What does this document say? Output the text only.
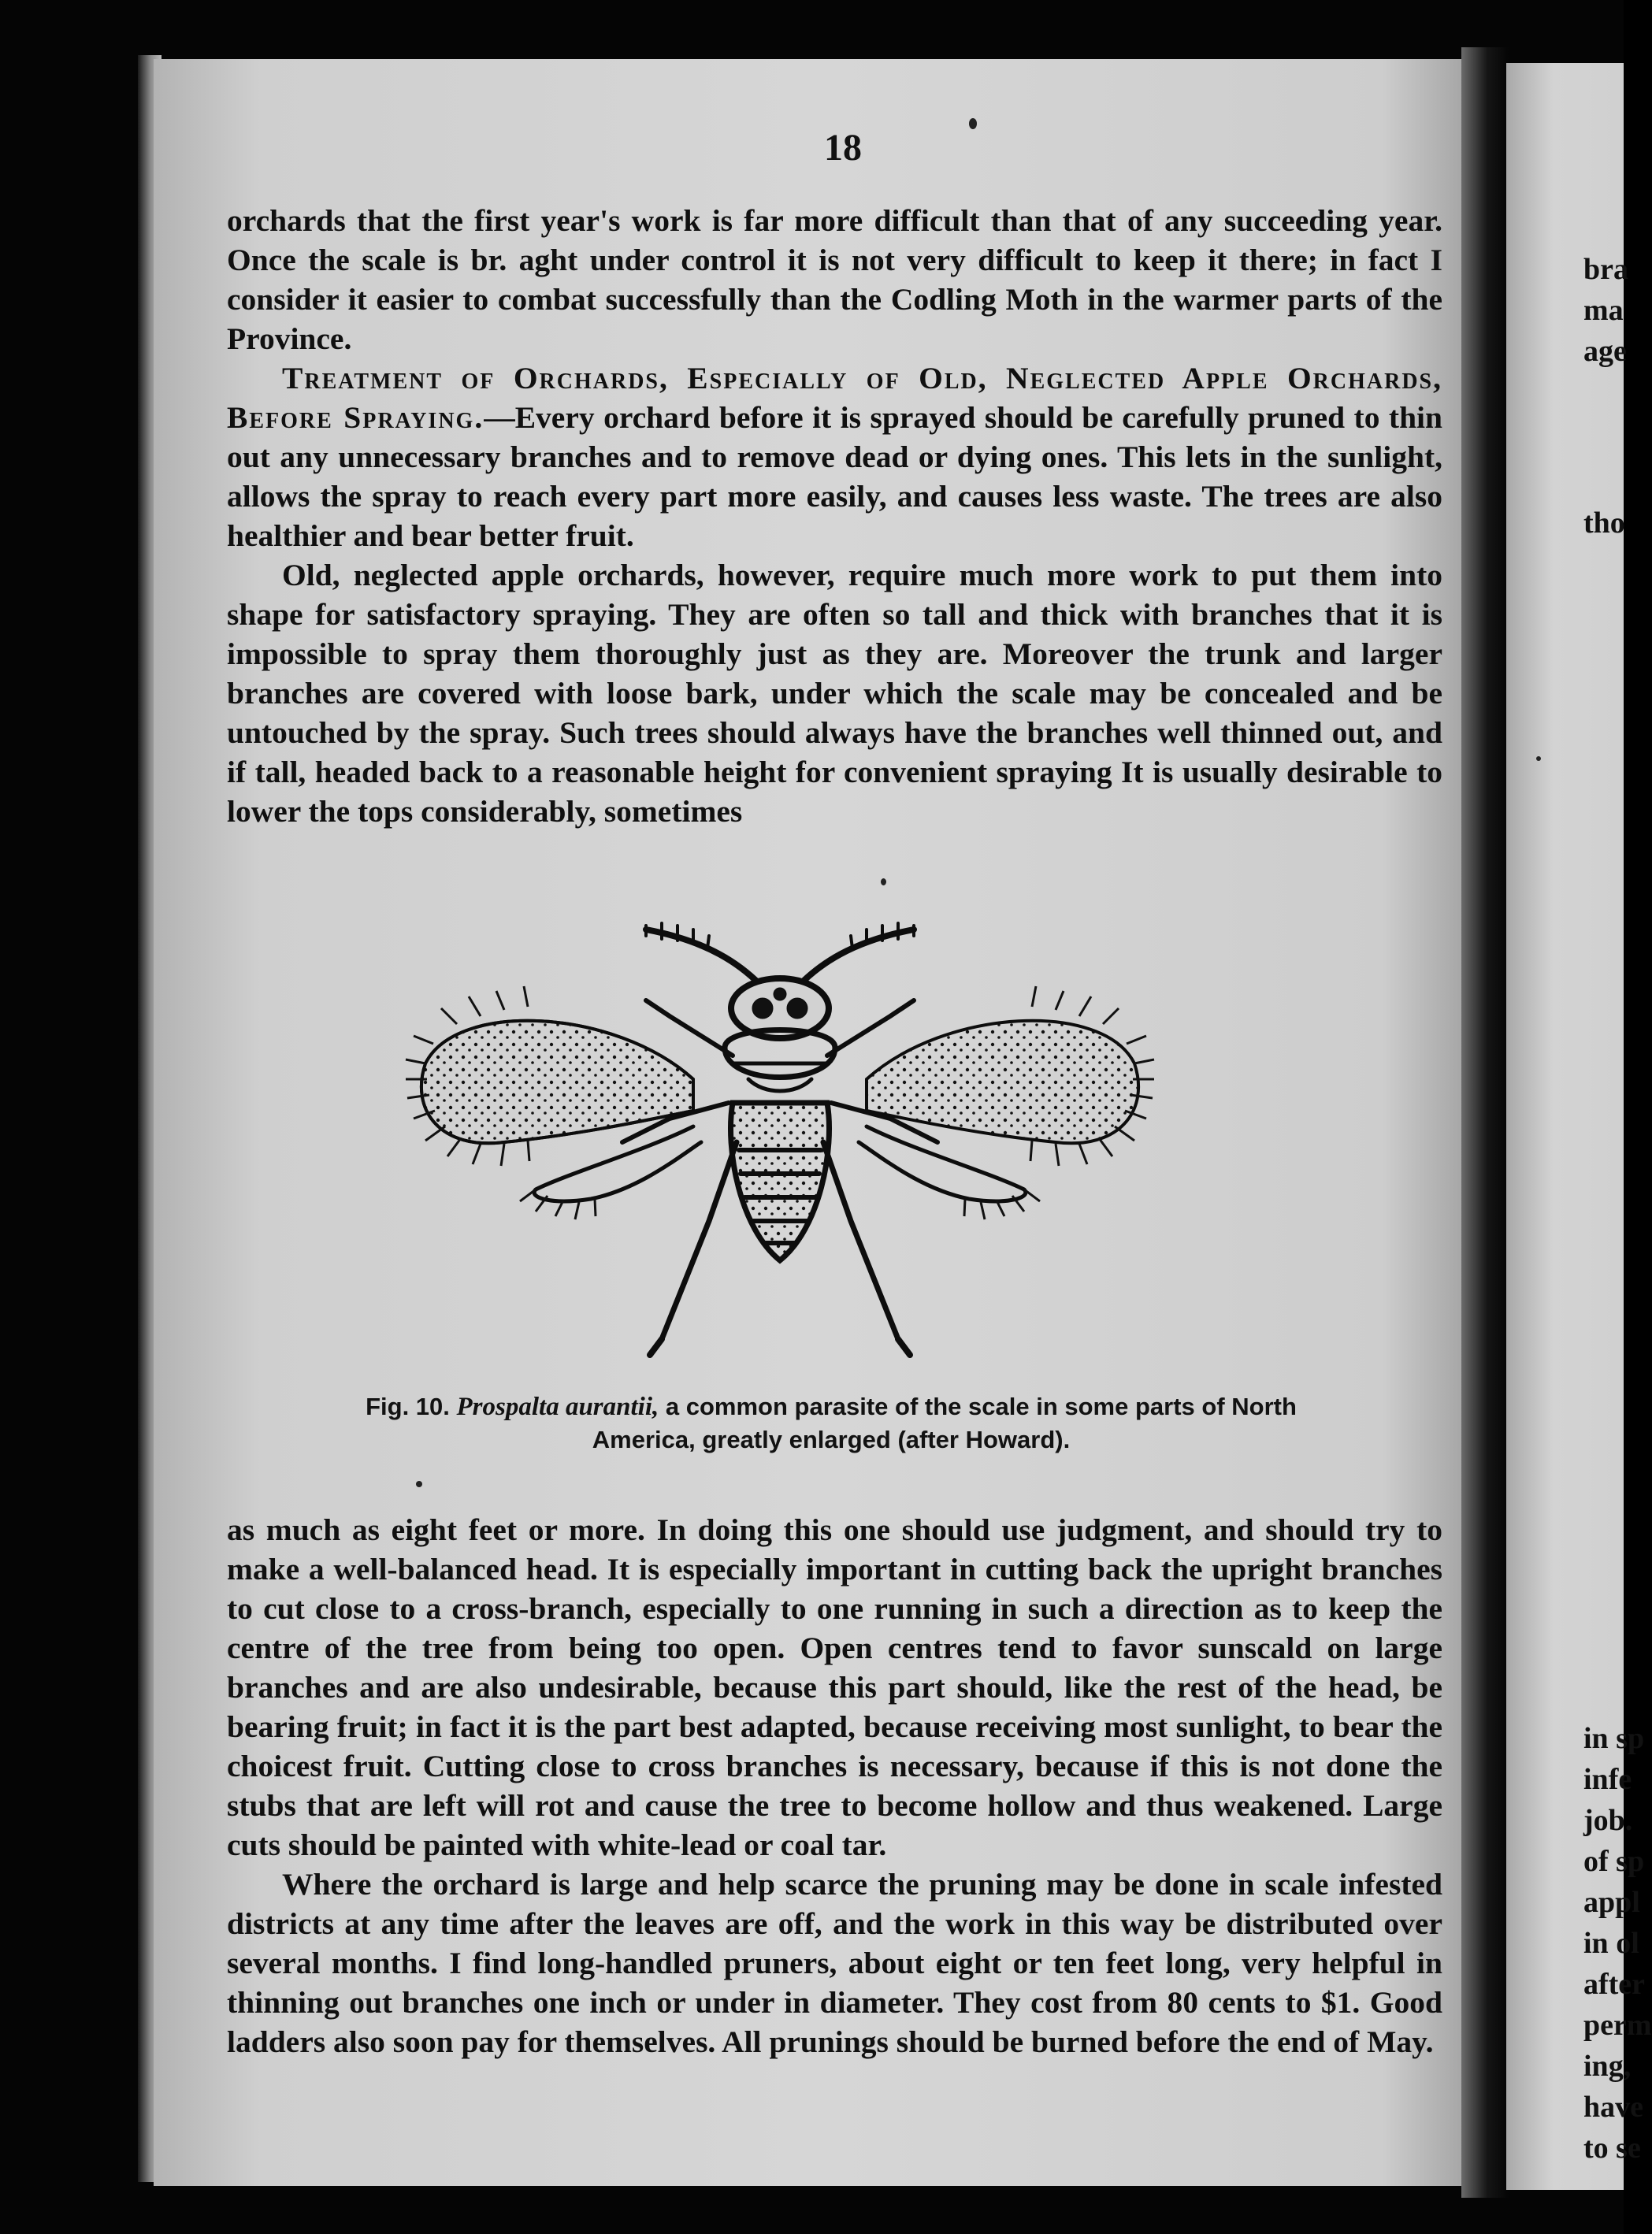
bra
ma
age
tho
in sp
infe
job.
of sp
appl
in ol
after
perm
ing,
have
to se
18

orchards that the first year's work is far more difficult than that of any succeeding year. Once the scale is br. aght under control it is not very difficult to keep it there; in fact I consider it easier to combat successfully than the Codling Moth in the warmer parts of the Province.

Treatment of Orchards, Especially of Old, Neglected Apple Orchards, Before Spraying.—Every orchard before it is sprayed should be carefully pruned to thin out any unnecessary branches and to remove dead or dying ones. This lets in the sunlight, allows the spray to reach every part more easily, and causes less waste. The trees are also healthier and bear better fruit.

Old, neglected apple orchards, however, require much more work to put them into shape for satisfactory spraying. They are often so tall and thick with branches that it is impossible to spray them thoroughly just as they are. Moreover the trunk and larger branches are covered with loose bark, under which the scale may be concealed and be untouched by the spray. Such trees should always have the branches well thinned out, and if tall, headed back to a reasonable height for convenient spraying It is usually desirable to lower the tops considerably, sometimes

Fig. 10. Prospalta aurantii, a common parasite of the scale in some parts of North America, greatly enlarged (after Howard).

as much as eight feet or more. In doing this one should use judgment, and should try to make a well-balanced head. It is especially important in cutting back the upright branches to cut close to a cross-branch, especially to one running in such a direction as to keep the centre of the tree from being too open. Open centres tend to favor sunscald on large branches and are also undesirable, because this part should, like the rest of the head, be bearing fruit; in fact it is the part best adapted, because receiving most sunlight, to bear the choicest fruit. Cutting close to cross branches is necessary, because if this is not done the stubs that are left will rot and cause the tree to become hollow and thus weakened. Large cuts should be painted with white-lead or coal tar.

Where the orchard is large and help scarce the pruning may be done in scale infested districts at any time after the leaves are off, and the work in this way be distributed over several months. I find long-handled pruners, about eight or ten feet long, very helpful in thinning out branches one inch or under in diameter. They cost from 80 cents to $1. Good ladders also soon pay for themselves. All prunings should be burned before the end of May.
